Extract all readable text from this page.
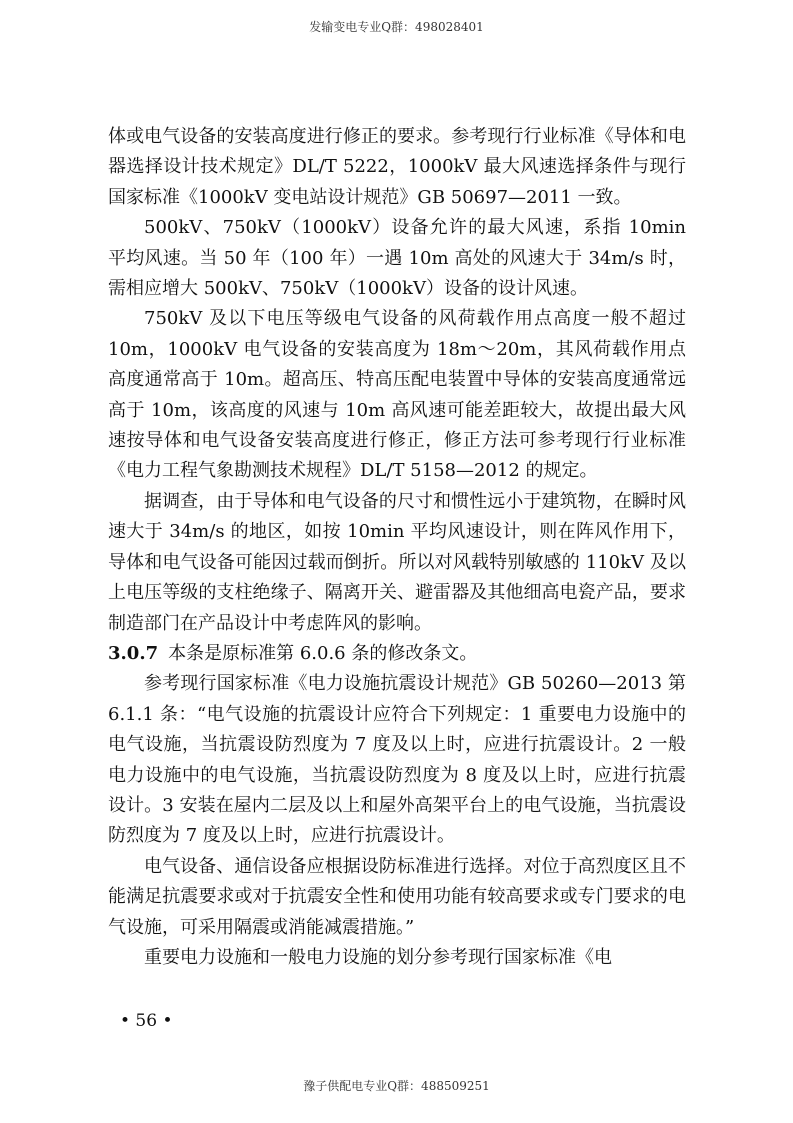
发输变电专业Q群：498028401

体或电气设备的安装高度进行修正的要求。参考现行行业标准《导体和电器选择设计技术规定》DL/T 5222，1000kV 最大风速选择条件与现行国家标准《1000kV 变电站设计规范》GB 50697—2011 一致。

500kV、750kV（1000kV）设备允许的最大风速，系指 10min 平均风速。当 50 年（100 年）一遇 10m 高处的风速大于 34m/s 时，需相应增大 500kV、750kV（1000kV）设备的设计风速。

750kV 及以下电压等级电气设备的风荷载作用点高度一般不超过 10m，1000kV 电气设备的安装高度为 18m～20m，其风荷载作用点高度通常高于 10m。超高压、特高压配电装置中导体的安装高度通常远高于 10m，该高度的风速与 10m 高风速可能差距较大，故提出最大风速按导体和电气设备安装高度进行修正，修正方法可参考现行行业标准《电力工程气象勘测技术规程》DL/T 5158—2012 的规定。

据调查，由于导体和电气设备的尺寸和惯性远小于建筑物，在瞬时风速大于 34m/s 的地区，如按 10min 平均风速设计，则在阵风作用下，导体和电气设备可能因过载而倒折。所以对风载特别敏感的 110kV 及以上电压等级的支柱绝缘子、隔离开关、避雷器及其他细高电瓷产品，要求制造部门在产品设计中考虑阵风的影响。

3.0.7 本条是原标准第 6.0.6 条的修改条文。

参考现行国家标准《电力设施抗震设计规范》GB 50260—2013 第 6.1.1 条：“电气设施的抗震设计应符合下列规定：1 重要电力设施中的电气设施，当抗震设防烈度为 7 度及以上时，应进行抗震设计。2 一般电力设施中的电气设施，当抗震设防烈度为 8 度及以上时，应进行抗震设计。3 安装在屋内二层及以上和屋外高架平台上的电气设施，当抗震设防烈度为 7 度及以上时，应进行抗震设计。

电气设备、通信设备应根据设防标准进行选择。对位于高烈度区且不能满足抗震要求或对于抗震安全性和使用功能有较高要求或专门要求的电气设施，可采用隔震或消能减震措施。”

重要电力设施和一般电力设施的划分参考现行国家标准《电

• 56 •
豫子供配电专业Q群：488509251
